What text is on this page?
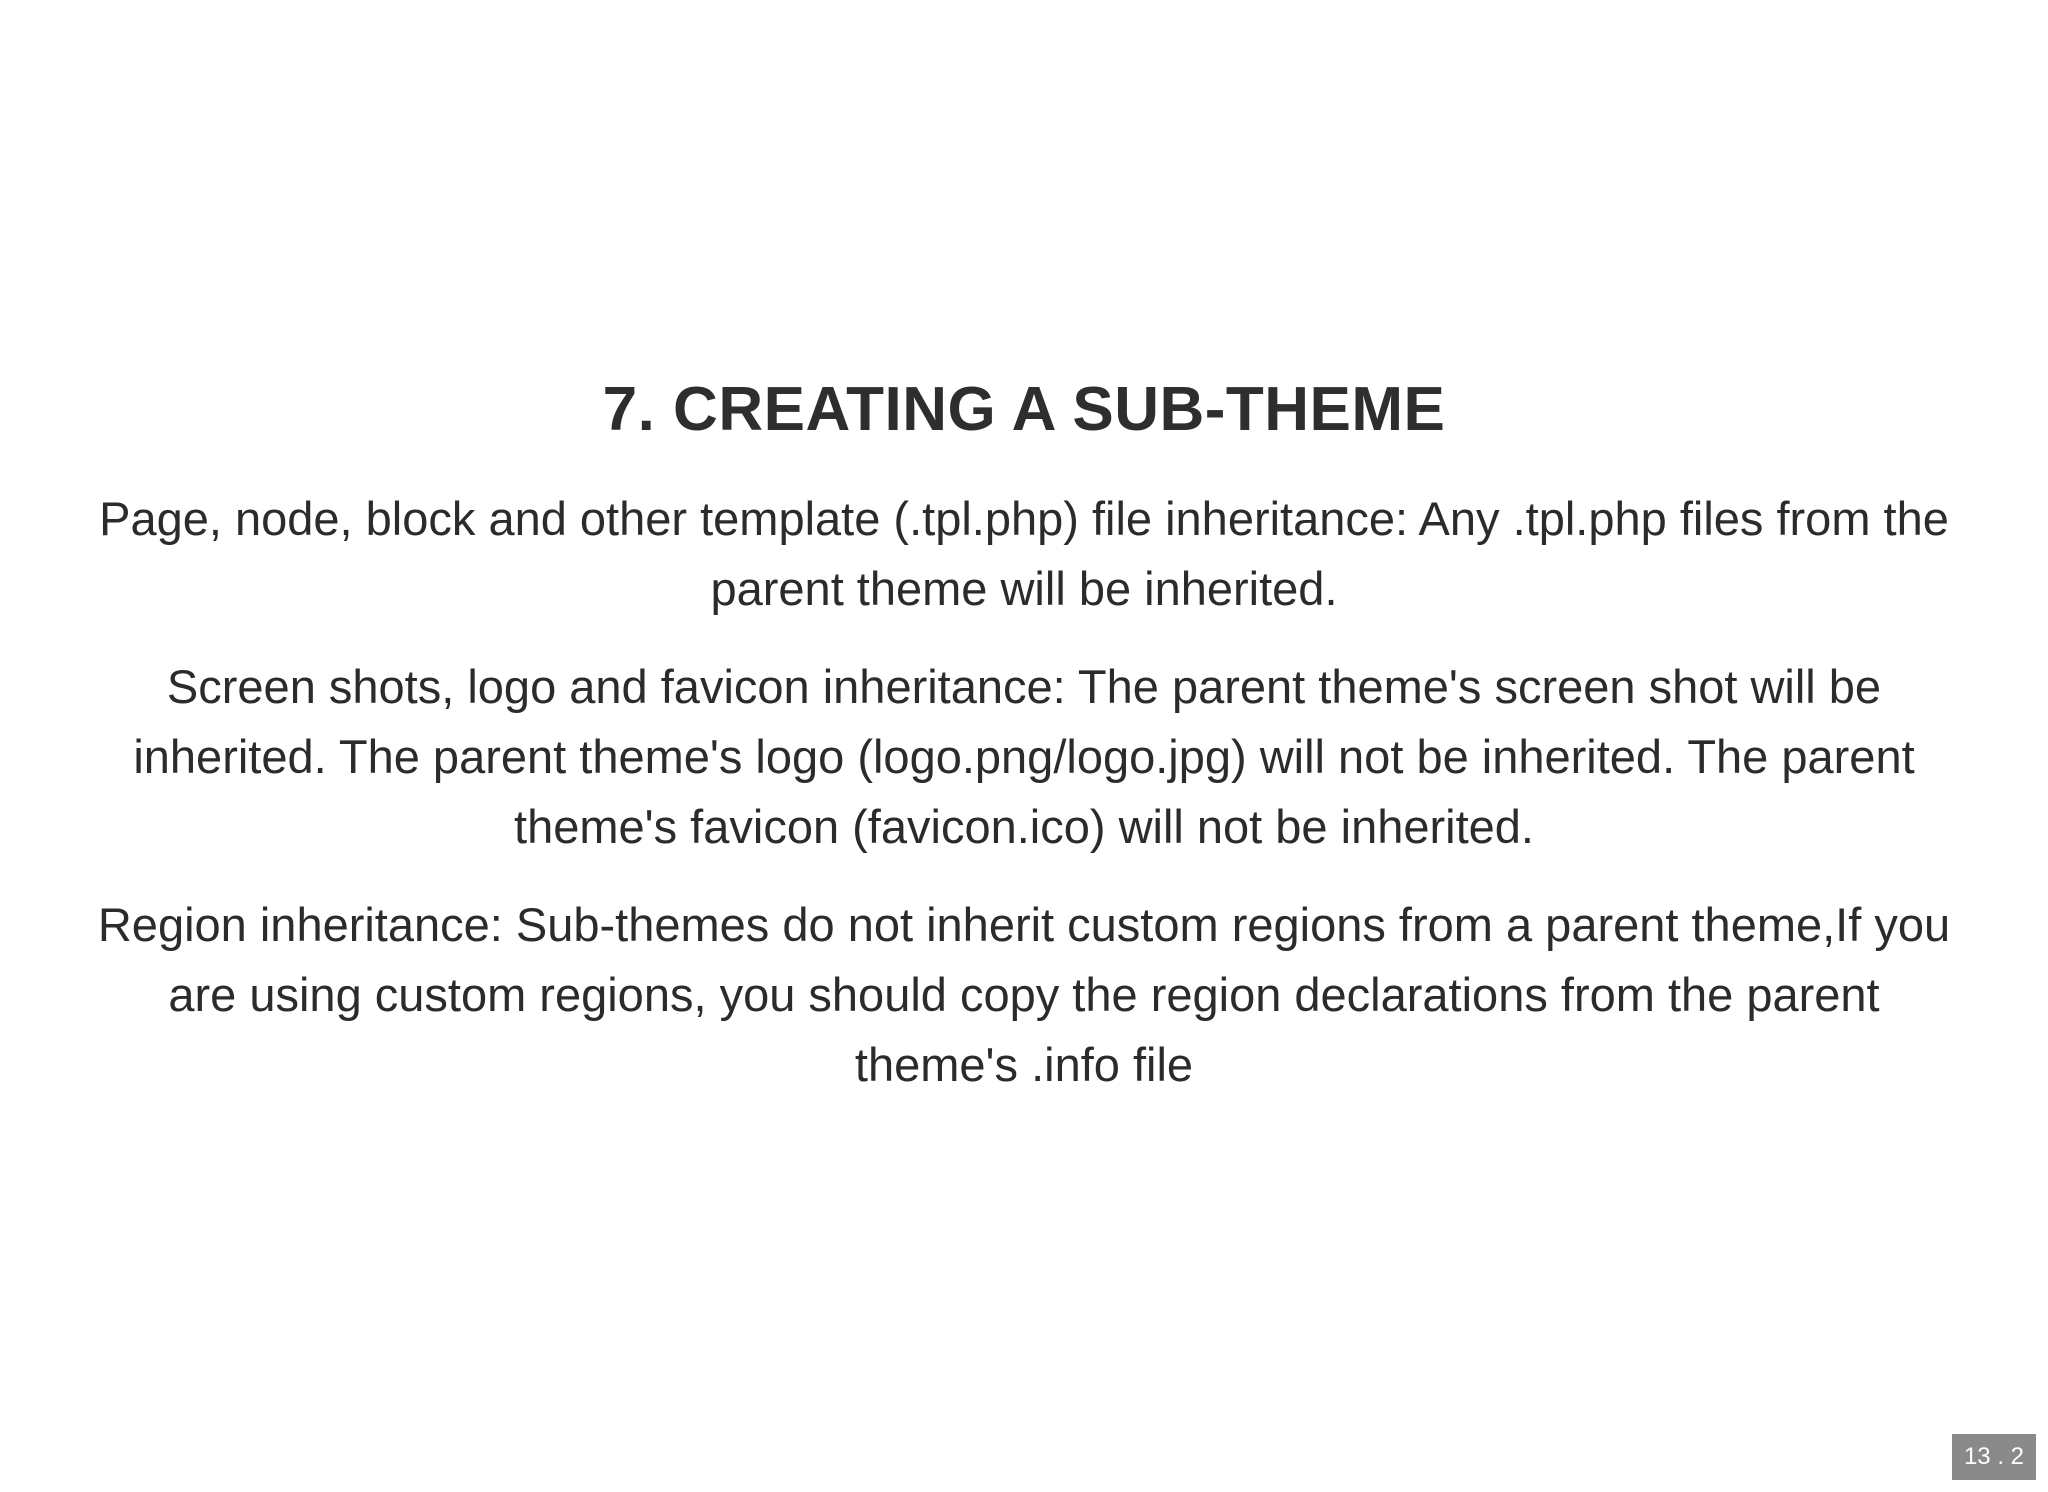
7. CREATING A SUB-THEME

Page, node, block and other template (.tpl.php) file inheritance: Any .tpl.php files from the parent theme will be inherited.

Screen shots, logo and favicon inheritance: The parent theme's screen shot will be inherited. The parent theme's logo (logo.png/logo.jpg) will not be inherited. The parent theme's favicon (favicon.ico) will not be inherited.

Region inheritance: Sub-themes do not inherit custom regions from a parent theme,If you are using custom regions, you should copy the region declarations from the parent theme's .info file

13 . 2
